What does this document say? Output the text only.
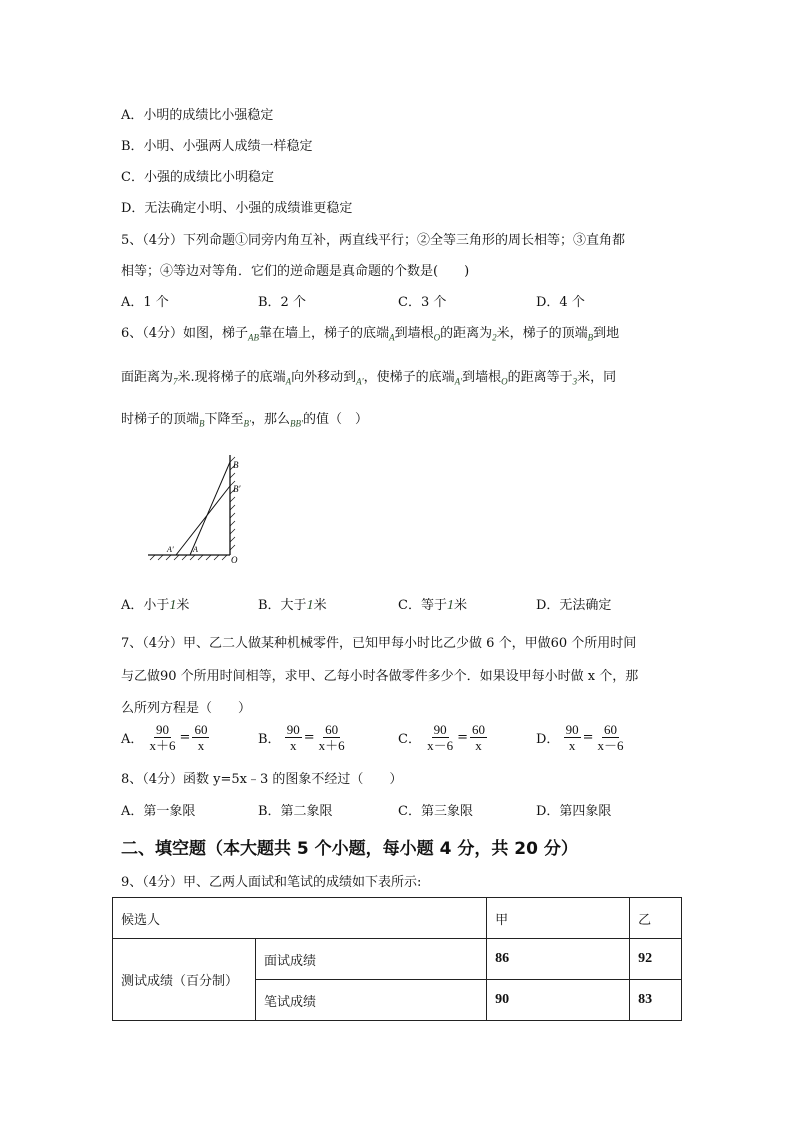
A．小明的成绩比小强稳定
B．小明、小强两人成绩一样稳定
C．小强的成绩比小明稳定
D．无法确定小明、小强的成绩谁更稳定
5、（4分）下列命题①同旁内角互补，两直线平行；②全等三角形的周长相等；③直角都
相等；④等边对等角．它们的逆命题是真命题的个数是(　　)
A．1 个	B．2 个	C．3 个	D．4 个
6、（4分）如图，梯子$_{AB}$靠在墙上，梯子的底端$_A$到墙根$_O$的距离为$_2$米，梯子的顶端$_B$到地
面距离为$_7$米.现将梯子的底端$_A$向外移动到$_{A'}$，使梯子的底端$_{A'}$到墙根$_O$的距离等于$_3$米，同
时梯子的顶端$_B$下降至$_{B'}$，那么$_{BB'}$的值（　）
B
B′
A′ A
O
A．小于1米	B．大于1米	C．等于1米	D．无法确定
7、（4分）甲、乙二人做某种机械零件，已知甲每小时比乙少做 6 个，甲做60 个所用时间
与乙做90 个所用时间相等，求甲、乙每小时各做零件多少个．如果设甲每小时做 x 个，那
么所列方程是（　　）
A． $\frac{90}{x+6} = \frac{60}{x}$	B． $\frac{90}{x} = \frac{60}{x+6}$	C． $\frac{90}{x-6} = \frac{60}{x}$	D． $\frac{90}{x} = \frac{60}{x-6}$
8、（4分）函数 y=5x﹣3 的图象不经过（　　）
A．第一象限	B．第二象限	C．第三象限	D．第四象限
二、填空题（本大题共 5 个小题，每小题 4 分，共 20 分）
9、（4分）甲、乙两人面试和笔试的成绩如下表所示:
候选人		甲	乙
测试成绩（百分制）	面试成绩	86	92
	笔试成绩	90	83
